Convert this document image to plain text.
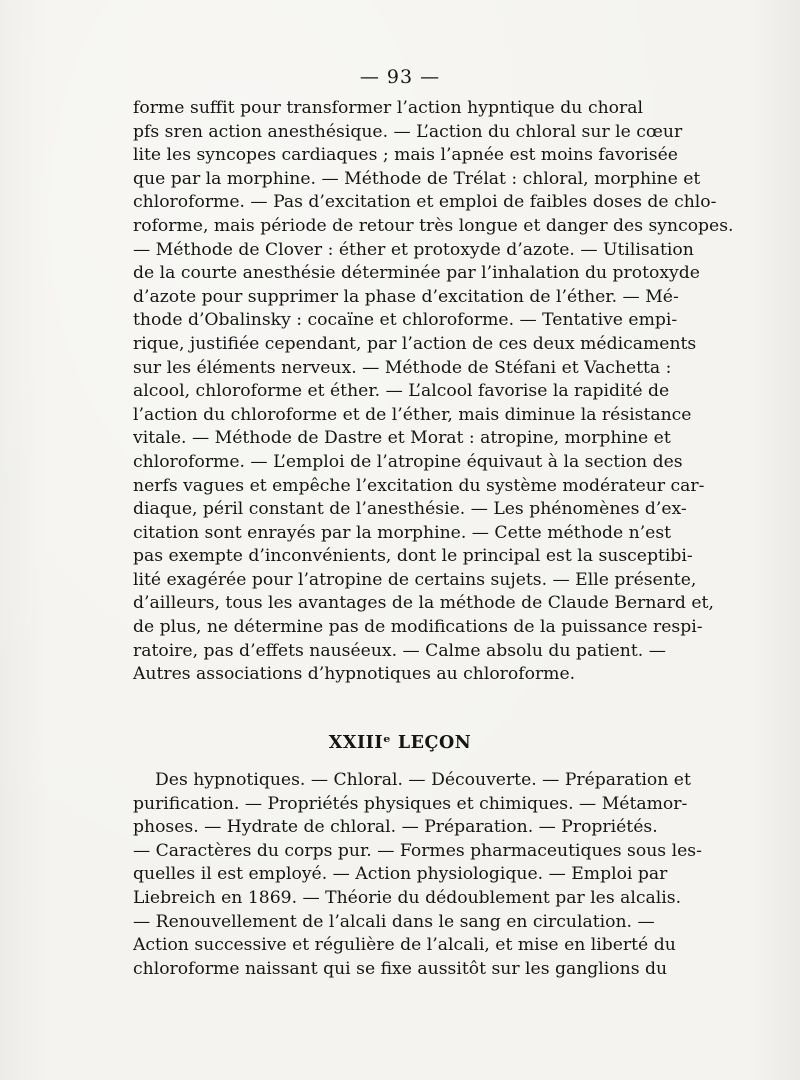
— 93 —
forme suffit pour transformer l’action hypntique du choral
pfs sren action anesthésique. — L’action du chloral sur le cœur
lite les syncopes cardiaques ; mais l’apnée est moins favorisée
que par la morphine. — Méthode de Trélat : chloral, morphine et
chloroforme. — Pas d’excitation et emploi de faibles doses de chlo-
roforme, mais période de retour très longue et danger des syncopes.
— Méthode de Clover : éther et protoxyde d’azote. — Utilisation
de la courte anesthésie déterminée par l’inhalation du protoxyde
d’azote pour supprimer la phase d’excitation de l’éther. — Mé-
thode d’Obalinsky : cocaïne et chloroforme. — Tentative empi-
rique, justifiée cependant, par l’action de ces deux médicaments
sur les éléments nerveux. — Méthode de Stéfani et Vachetta :
alcool, chloroforme et éther. — L’alcool favorise la rapidité de
l’action du chloroforme et de l’éther, mais diminue la résistance
vitale. — Méthode de Dastre et Morat : atropine, morphine et
chloroforme. — L’emploi de l’atropine équivaut à la section des
nerfs vagues et empêche l’excitation du système modérateur car-
diaque, péril constant de l’anesthésie. — Les phénomènes d’ex-
citation sont enrayés par la morphine. — Cette méthode n’est
pas exempte d’inconvénients, dont le principal est la susceptibi-
lité exagérée pour l’atropine de certains sujets. — Elle présente,
d’ailleurs, tous les avantages de la méthode de Claude Bernard et,
de plus, ne détermine pas de modifications de la puissance respi-
ratoire, pas d’effets nauséeux. — Calme absolu du patient. —
Autres associations d’hypnotiques au chloroforme.
XXIIIᵉ LEÇON
Des hypnotiques. — Chloral. — Découverte. — Préparation et
purification. — Propriétés physiques et chimiques. — Métamor-
phoses. — Hydrate de chloral. — Préparation. — Propriétés.
— Caractères du corps pur. — Formes pharmaceutiques sous les-
quelles il est employé. — Action physiologique. — Emploi par
Liebreich en 1869. — Théorie du dédoublement par les alcalis.
— Renouvellement de l’alcali dans le sang en circulation. —
Action successive et régulière de l’alcali, et mise en liberté du
chloroforme naissant qui se fixe aussitôt sur les ganglions du
